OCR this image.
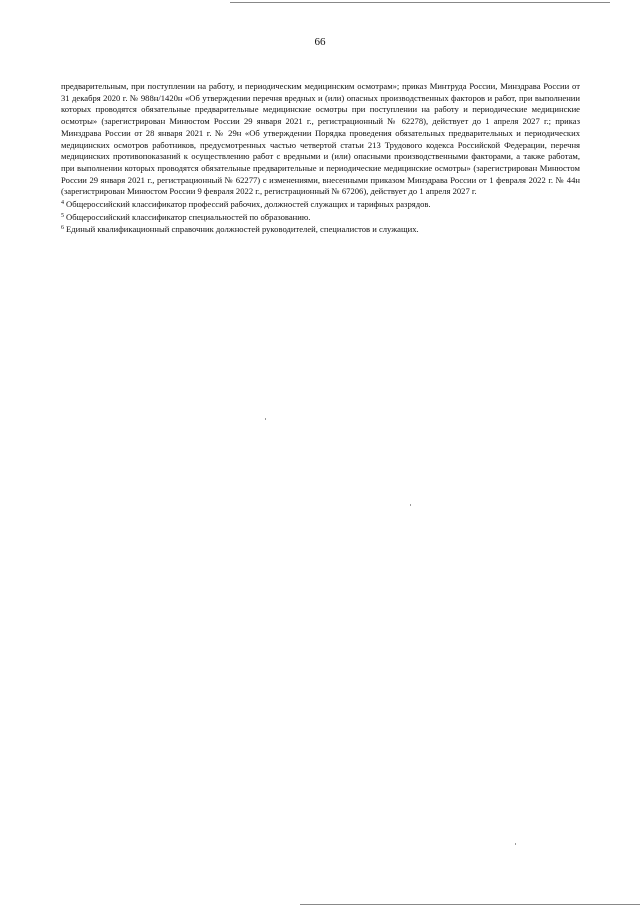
66

предварительным, при поступлении на работу, и периодическим медицинским осмотрам»; приказ Минтруда России, Минздрава России от 31 декабря 2020 г. № 988н/1420н «Об утверждении перечня вредных и (или) опасных производственных факторов и работ, при выполнении которых проводятся обязательные предварительные медицинские осмотры при поступлении на работу и периодические медицинские осмотры» (зарегистрирован Минюстом России 29 января 2021 г., регистрационный № 62278), действует до 1 апреля 2027 г.; приказ Минздрава России от 28 января 2021 г. № 29н «Об утверждении Порядка проведения обязательных предварительных и периодических медицинских осмотров работников, предусмотренных частью четвертой статьи 213 Трудового кодекса Российской Федерации, перечня медицинских противопоказаний к осуществлению работ с вредными и (или) опасными производственными факторами, а также работам, при выполнении которых проводятся обязательные предварительные и периодические медицинские осмотры» (зарегистрирован Минюстом России 29 января 2021 г., регистрационный № 62277) с изменениями, внесенными приказом Минздрава России от 1 февраля 2022 г. № 44н (зарегистрирован Минюстом России 9 февраля 2022 г., регистрационный № 67206), действует до 1 апреля 2027 г.

$^4$ Общероссийский классификатор профессий рабочих, должностей служащих и тарифных разрядов.

$^5$ Общероссийский классификатор специальностей по образованию.

$^6$ Единый квалификационный справочник должностей руководителей, специалистов и служащих.
